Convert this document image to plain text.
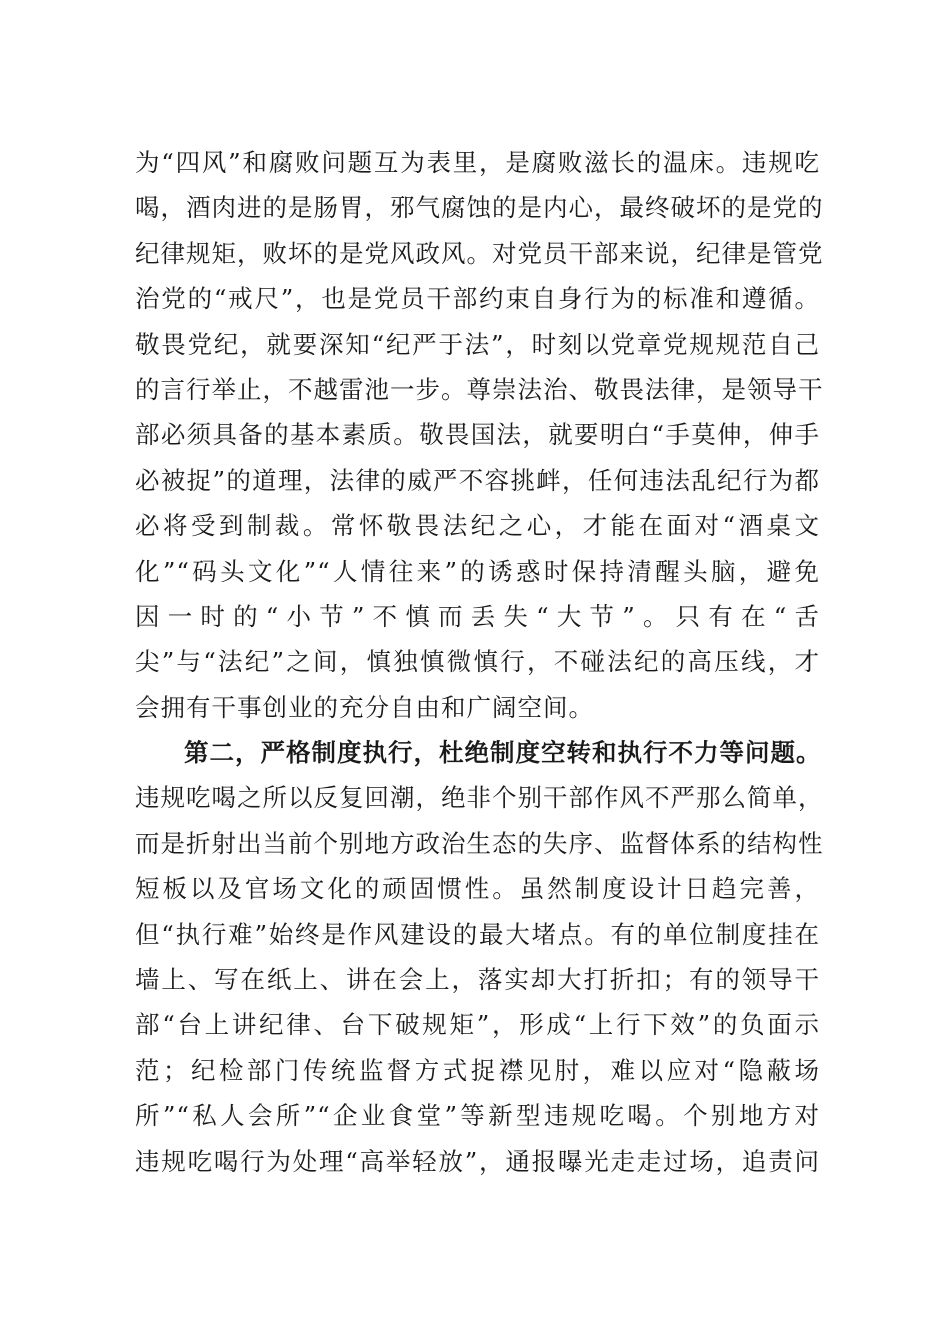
为“四风”和腐败问题互为表里，是腐败滋长的温床。违规吃
喝，酒肉进的是肠胃，邪气腐蚀的是内心，最终破坏的是党的
纪律规矩，败坏的是党风政风。对党员干部来说，纪律是管党
治党的“戒尺”，也是党员干部约束自身行为的标准和遵循。
敬畏党纪，就要深知“纪严于法”，时刻以党章党规规范自己
的言行举止，不越雷池一步。尊崇法治、敬畏法律，是领导干
部必须具备的基本素质。敬畏国法，就要明白“手莫伸，伸手
必被捉”的道理，法律的威严不容挑衅，任何违法乱纪行为都
必将受到制裁。常怀敬畏法纪之心，才能在面对“酒桌文
化”“码头文化”“人情往来”的诱惑时保持清醒头脑，避免
因一时的“小节”不慎而丢失“大节”。只有在“舌
尖”与“法纪”之间，慎独慎微慎行，不碰法纪的高压线，才
会拥有干事创业的充分自由和广阔空间。
第二，严格制度执行，杜绝制度空转和执行不力等问题。
违规吃喝之所以反复回潮，绝非个别干部作风不严那么简单，
而是折射出当前个别地方政治生态的失序、监督体系的结构性
短板以及官场文化的顽固惯性。虽然制度设计日趋完善，
但“执行难”始终是作风建设的最大堵点。有的单位制度挂在
墙上、写在纸上、讲在会上，落实却大打折扣；有的领导干
部“台上讲纪律、台下破规矩”，形成“上行下效”的负面示
范；纪检部门传统监督方式捉襟见肘，难以应对“隐蔽场
所”“私人会所”“企业食堂”等新型违规吃喝。个别地方对
违规吃喝行为处理“高举轻放”，通报曝光走走过场，追责问
